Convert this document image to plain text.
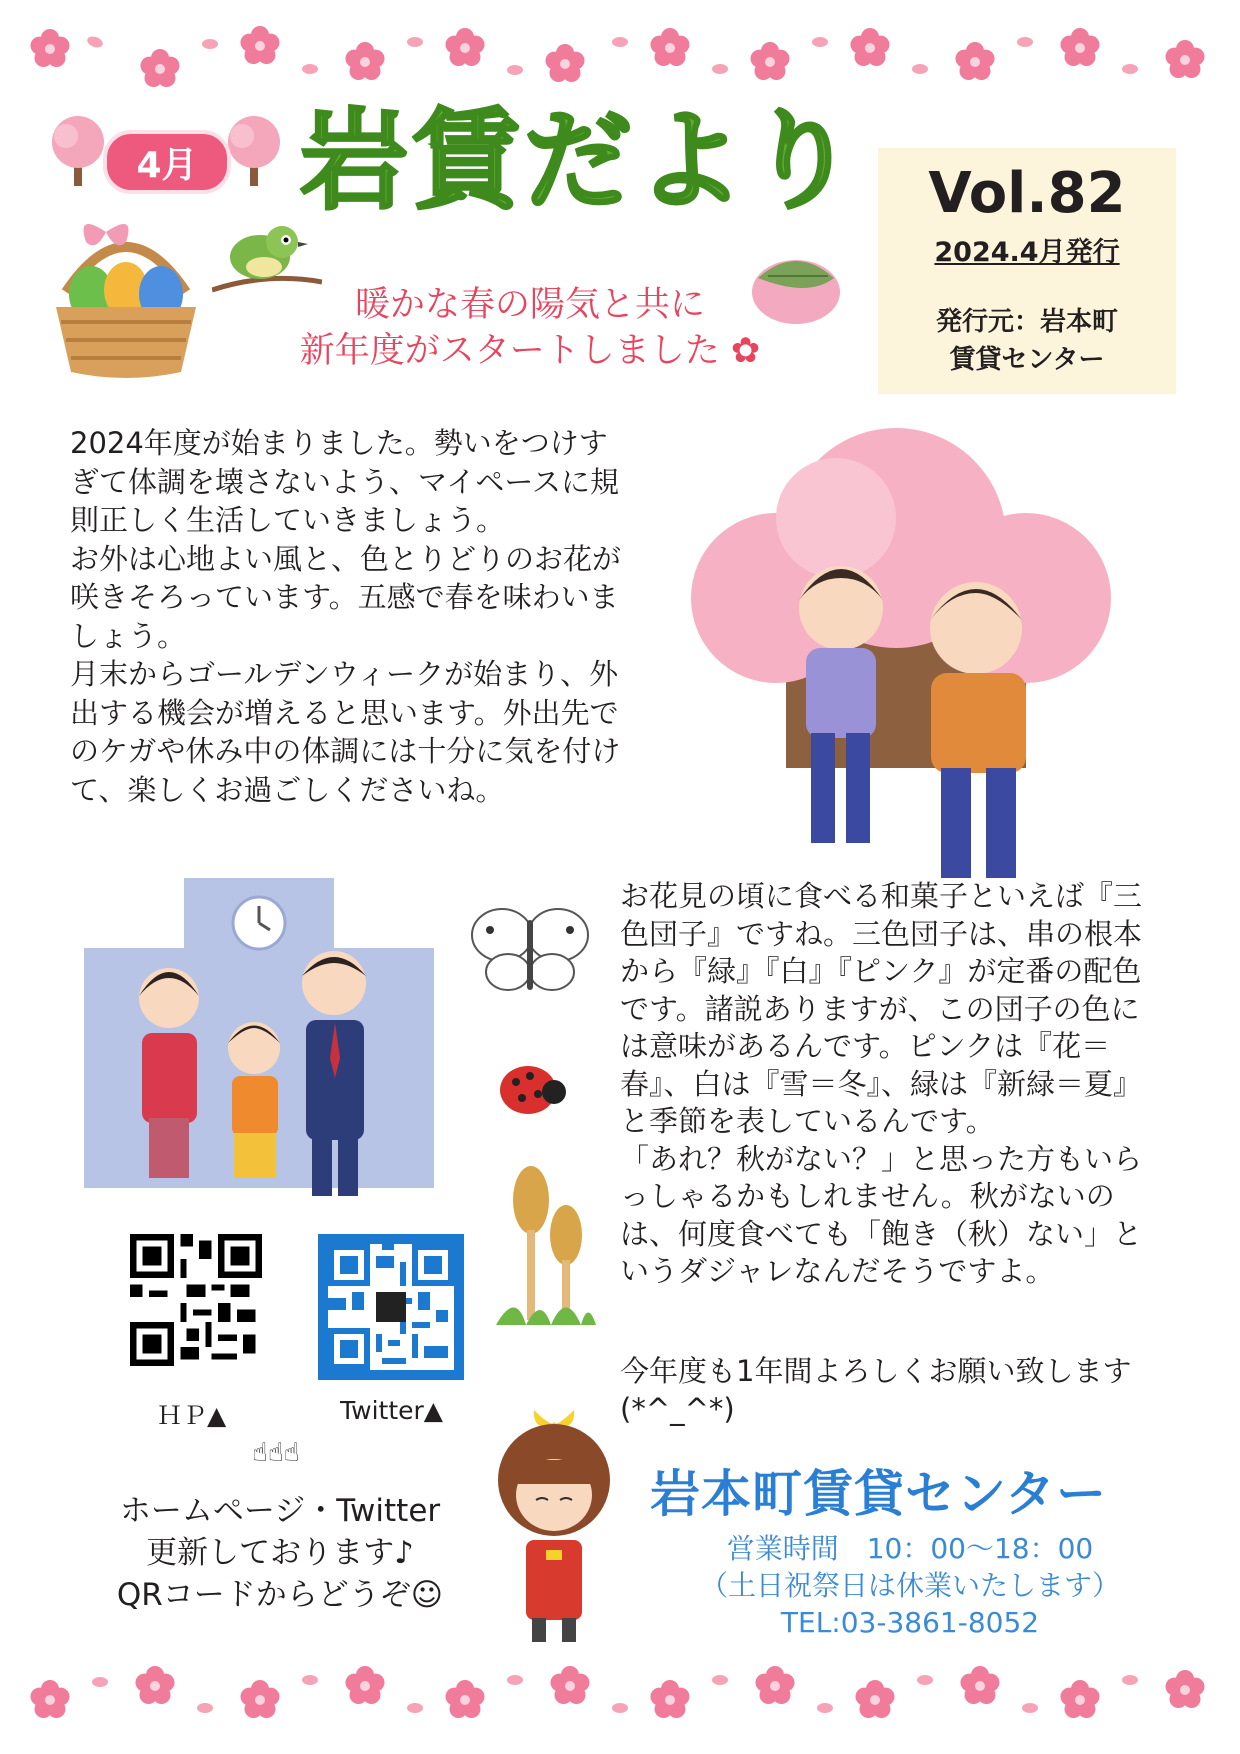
4月 岩賃だより
暖かな春の陽気と共に
新年度がスタートしました ✿
Vol.82
2024.4月発行
発行元：岩本町
賃貸センター

2024年度が始まりました。勢いをつけすぎて体調を壊さないよう、マイペースに規則正しく生活していきましょう。

お外は心地よい風と、色とりどりのお花が咲きそろっています。五感で春を味わいましょう。

月末からゴールデンウィークが始まり、外出する機会が増えると思います。外出先でのケガや休み中の体調には十分に気を付けて、楽しくお過ごしくださいね。

お花見の頃に食べる和菓子といえば『三色団子』ですね。三色団子は、串の根本から『緑』『白』『ピンク』が定番の配色です。諸説ありますが、この団子の色には意味があるんです。ピンクは『花＝春』、白は『雪＝冬』、緑は『新緑＝夏』と季節を表しているんです。

「あれ？秋がない？」と思った方もいらっしゃるかもしれません。秋がないのは、何度食べても「飽き（秋）ない」というダジャレなんだそうですよ。

今年度も1年間よろしくお願い致します(*^_^*)
ＨＰ▲	Twitter▲
☝☝☝
ホームページ・Twitter
更新しております♪
QRコードからどうぞ☺
岩本町賃貸センター
営業時間　10：00〜18：00
（土日祝祭日は休業いたします）
TEL:03-3861-8052
